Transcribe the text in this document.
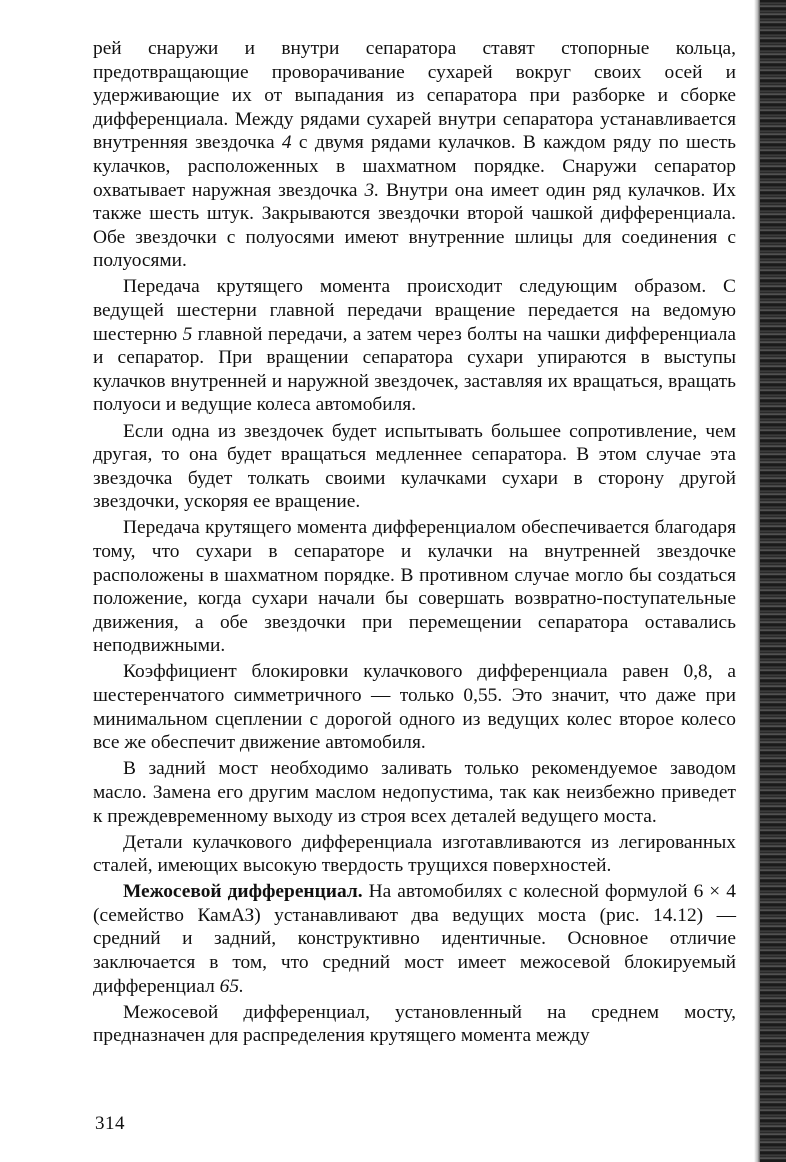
рей снаружи и внутри сепаратора ставят стопорные кольца, предотвращающие проворачивание сухарей вокруг своих осей и удерживающие их от выпадания из сепаратора при разборке и сборке дифференциала. Между рядами сухарей внутри сепаратора устанавливается внутренняя звездочка 4 с двумя рядами кулачков. В каждом ряду по шесть кулачков, расположенных в шахматном порядке. Снаружи сепаратор охватывает наружная звездочка 3. Внутри она имеет один ряд кулачков. Их также шесть штук. Закрываются звездочки второй чашкой дифференциала. Обе звездочки с полуосями имеют внутренние шлицы для соединения с полуосями.

Передача крутящего момента происходит следующим образом. С ведущей шестерни главной передачи вращение передается на ведомую шестерню 5 главной передачи, а затем через болты на чашки дифференциала и сепаратор. При вращении сепаратора сухари упираются в выступы кулачков внутренней и наружной звездочек, заставляя их вращаться, вращать полуоси и ведущие колеса автомобиля.

Если одна из звездочек будет испытывать большее сопротивление, чем другая, то она будет вращаться медленнее сепаратора. В этом случае эта звездочка будет толкать своими кулачками сухари в сторону другой звездочки, ускоряя ее вращение.

Передача крутящего момента дифференциалом обеспечивается благодаря тому, что сухари в сепараторе и кулачки на внутренней звездочке расположены в шахматном порядке. В противном случае могло бы создаться положение, когда сухари начали бы совершать возвратно-поступательные движения, а обе звездочки при перемещении сепаратора оставались неподвижными.

Коэффициент блокировки кулачкового дифференциала равен 0,8, а шестеренчатого симметричного — только 0,55. Это значит, что даже при минимальном сцеплении с дорогой одного из ведущих колес второе колесо все же обеспечит движение автомобиля.

В задний мост необходимо заливать только рекомендуемое заводом масло. Замена его другим маслом недопустима, так как неизбежно приведет к преждевременному выходу из строя всех деталей ведущего моста.

Детали кулачкового дифференциала изготавливаются из легированных сталей, имеющих высокую твердость трущихся поверхностей.

Межосевой дифференциал. На автомобилях с колесной формулой 6 × 4 (семейство КамАЗ) устанавливают два ведущих моста (рис. 14.12) — средний и задний, конструктивно идентичные. Основное отличие заключается в том, что средний мост имеет межосевой блокируемый дифференциал 65.

Межосевой дифференциал, установленный на среднем мосту, предназначен для распределения крутящего момента между

314
